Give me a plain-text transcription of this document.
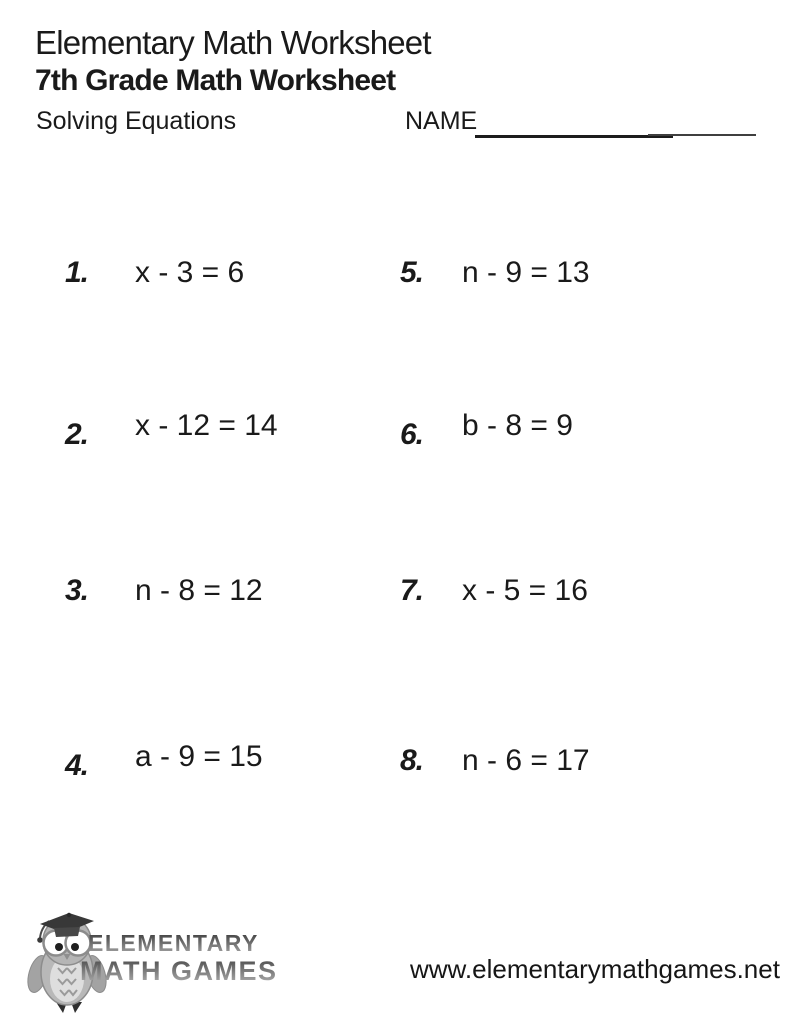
Elementary Math Worksheet
7th Grade Math Worksheet
Solving Equations	NAME
1. x - 3 = 6
2. x - 12 = 14
3. n - 8 = 12
4. a - 9 = 15
5. n - 9 = 13
6. b - 8 = 9
7. x - 5 = 16
8. n - 6 = 17
ELEMENTARY
MATH GAMES	www.elementarymathgames.net
